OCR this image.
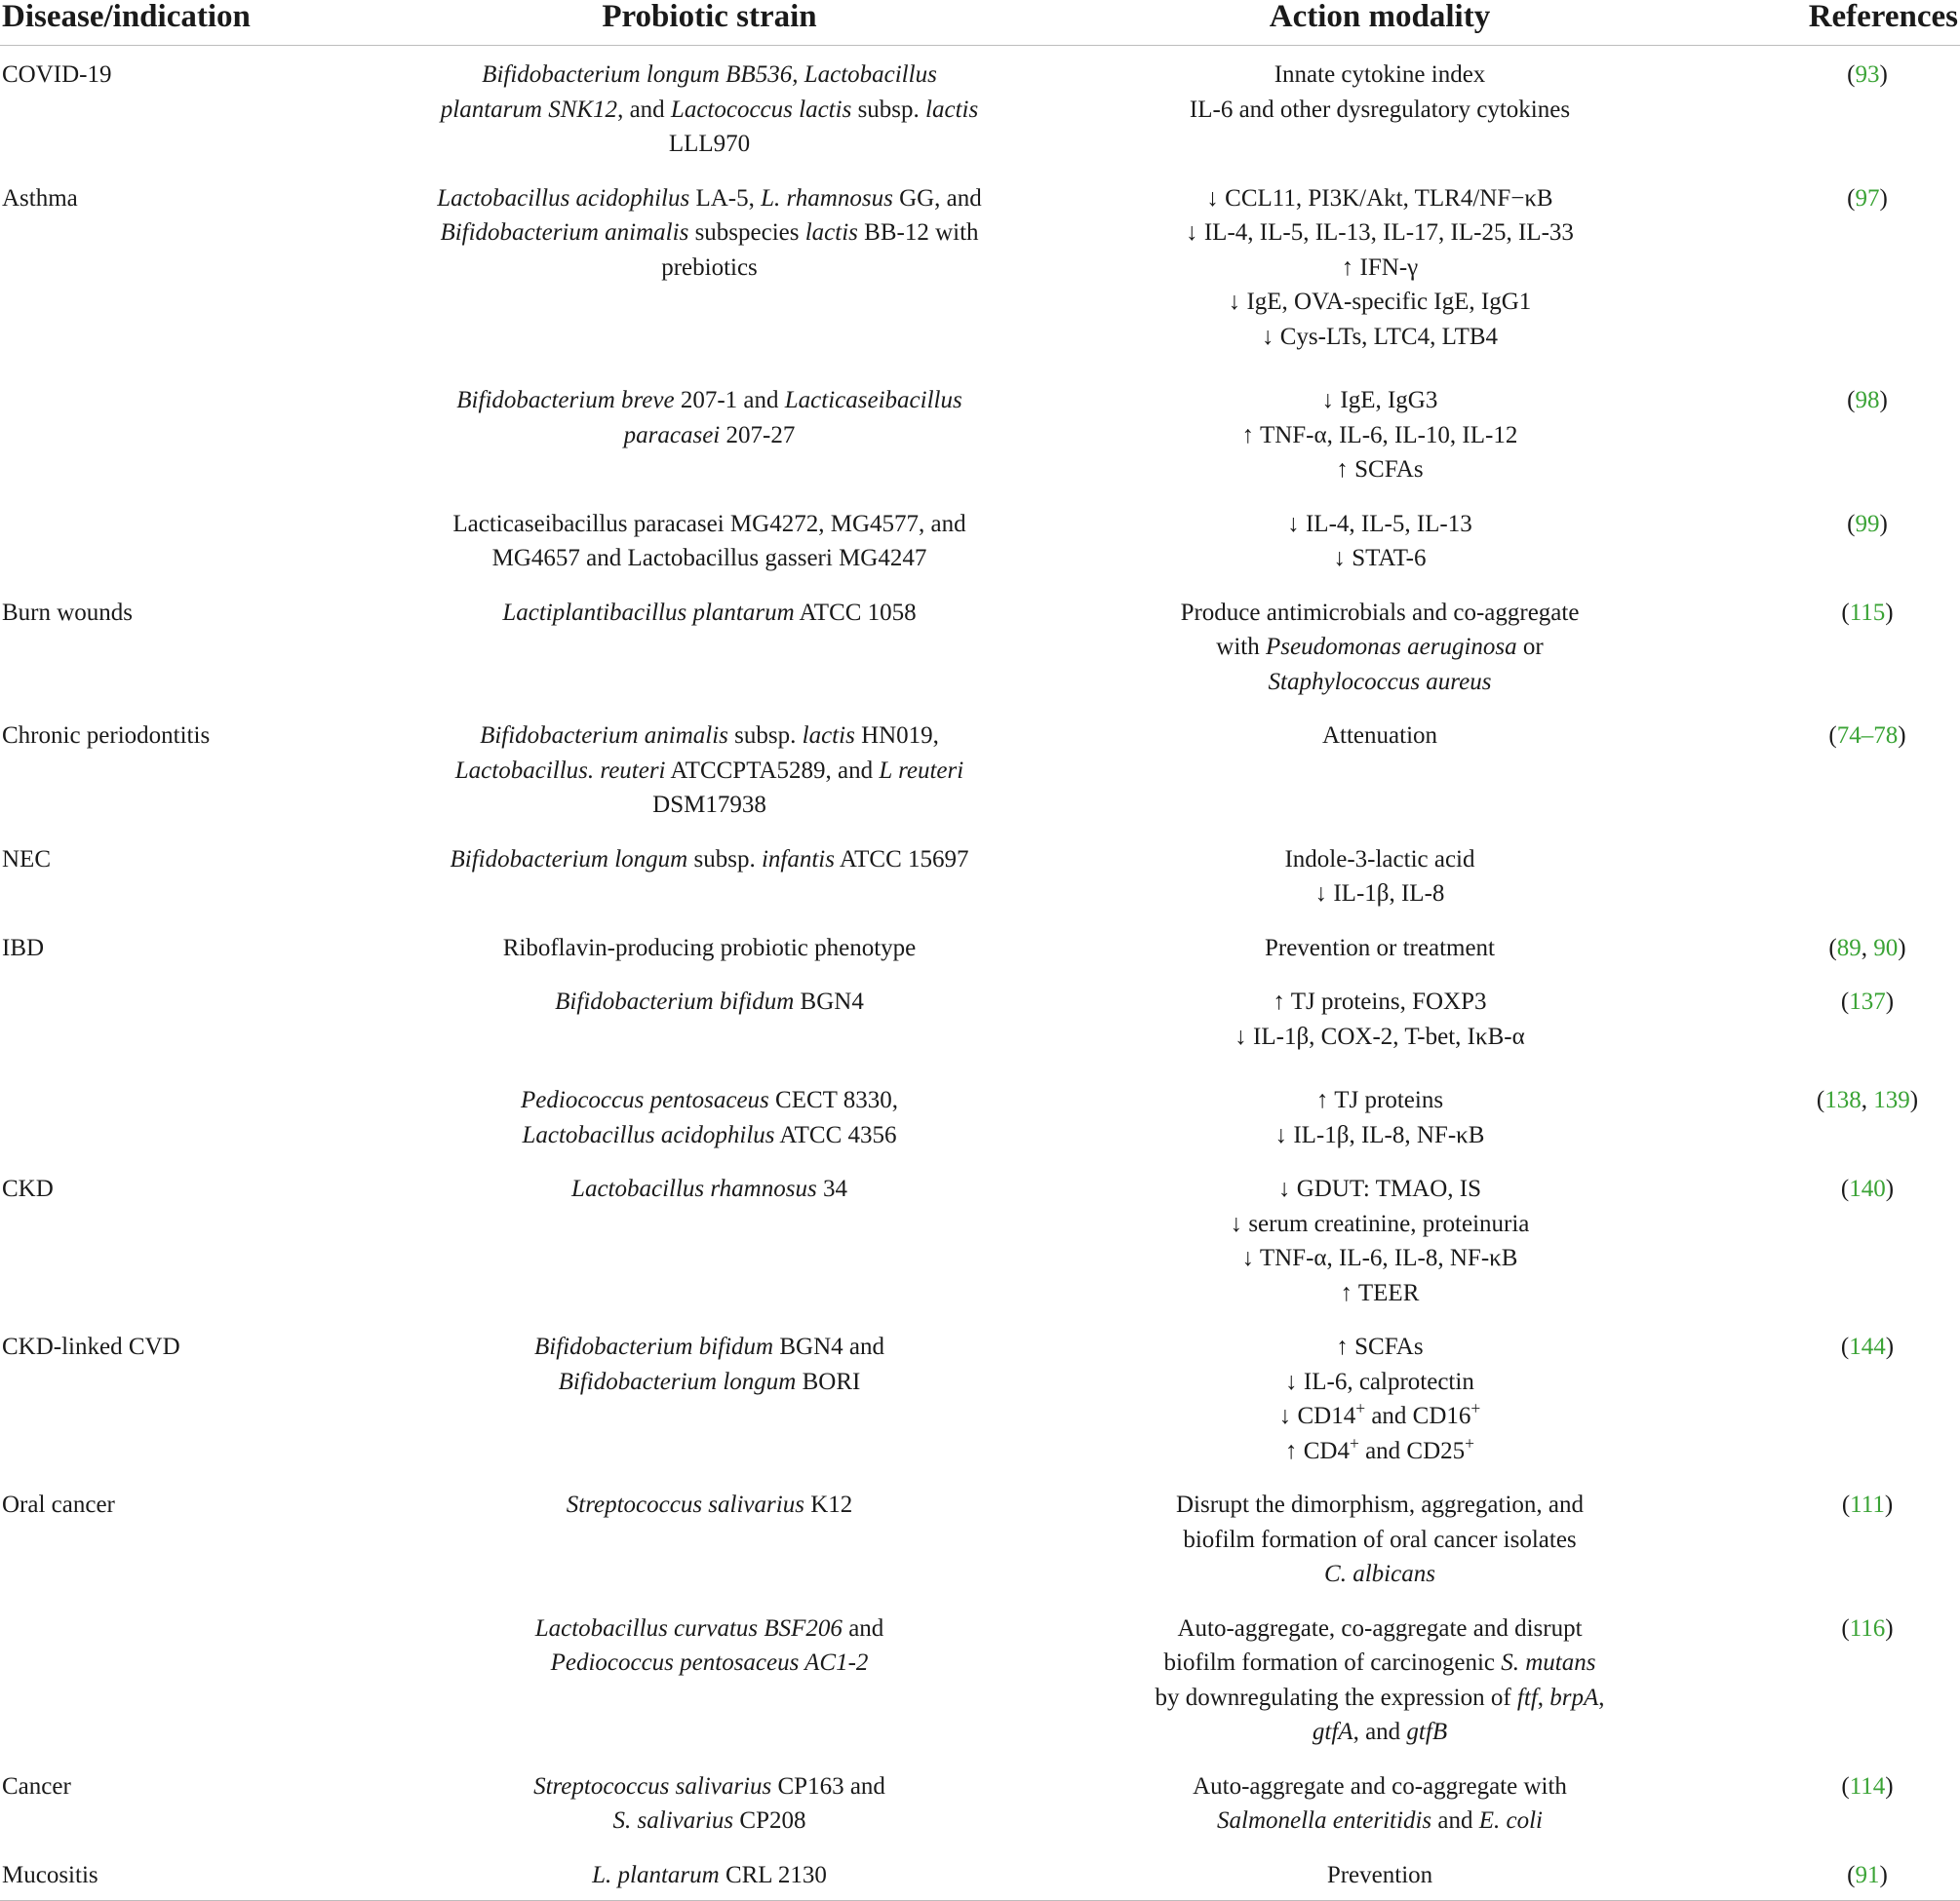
Disease/indication	Probiotic strain	Action modality	References
COVID-19	Bifidobacterium longum BB536, Lactobacillus plantarum SNK12, and Lactococcus lactis subsp. lactis LLL970	Innate cytokine index
IL-6 and other dysregulatory cytokines	(93)
Asthma	Lactobacillus acidophilus LA-5, L. rhamnosus GG, and Bifidobacterium animalis subspecies lactis BB-12 with prebiotics	↓ CCL11, PI3K/Akt, TLR4/NF−κB
↓ IL-4, IL-5, IL-13, IL-17, IL-25, IL-33
↑ IFN-γ
↓ IgE, OVA-specific IgE, IgG1
↓ Cys-LTs, LTC4, LTB4	(97)
	Bifidobacterium breve 207-1 and Lacticaseibacillus paracasei 207-27	↓ IgE, IgG3
↑ TNF-α, IL-6, IL-10, IL-12
↑ SCFAs	(98)
	Lacticaseibacillus paracasei MG4272, MG4577, and MG4657 and Lactobacillus gasseri MG4247	↓ IL-4, IL-5, IL-13
↓ STAT-6	(99)
Burn wounds	Lactiplantibacillus plantarum ATCC 1058	Produce antimicrobials and co-aggregate
with Pseudomonas aeruginosa or
Staphylococcus aureus	(115)
Chronic periodontitis	Bifidobacterium animalis subsp. lactis HN019, Lactobacillus. reuteri ATCCPTA5289, and L reuteri DSM17938	Attenuation	(74–78)
NEC	Bifidobacterium longum subsp. infantis ATCC 15697	Indole-3-lactic acid
↓ IL-1β, IL-8	

IBD	Riboflavin-producing probiotic phenotype	Prevention or treatment	(89, 90)
	Bifidobacterium bifidum BGN4	↑ TJ proteins, FOXP3
↓ IL-1β, COX-2, T-bet, IκB-α	(137)
	Pediococcus pentosaceus CECT 8330,
Lactobacillus acidophilus ATCC 4356	↑ TJ proteins
↓ IL-1β, IL-8, NF-κB	(138, 139)
CKD	Lactobacillus rhamnosus 34	↓ GDUT: TMAO, IS
↓ serum creatinine, proteinuria
↓ TNF-α, IL-6, IL-8, NF-κB
↑ TEER	(140)
CKD-linked CVD	Bifidobacterium bifidum BGN4 and
Bifidobacterium longum BORI	↑ SCFAs
↓ IL-6, calprotectin
↓ CD14+ and CD16+
↑ CD4+ and CD25+	(144)
Oral cancer	Streptococcus salivarius K12	Disrupt the dimorphism, aggregation, and
biofilm formation of oral cancer isolates
C. albicans	(111)
	Lactobacillus curvatus BSF206 and
Pediococcus pentosaceus AC1-2	Auto-aggregate, co-aggregate and disrupt
biofilm formation of carcinogenic S. mutans
by downregulating the expression of ftf, brpA,
gtfA, and gtfB	(116)
Cancer	Streptococcus salivarius CP163 and
S. salivarius CP208	Auto-aggregate and co-aggregate with
Salmonella enteritidis and E. coli	(114)
Mucositis	L. plantarum CRL 2130	Prevention	(91)
